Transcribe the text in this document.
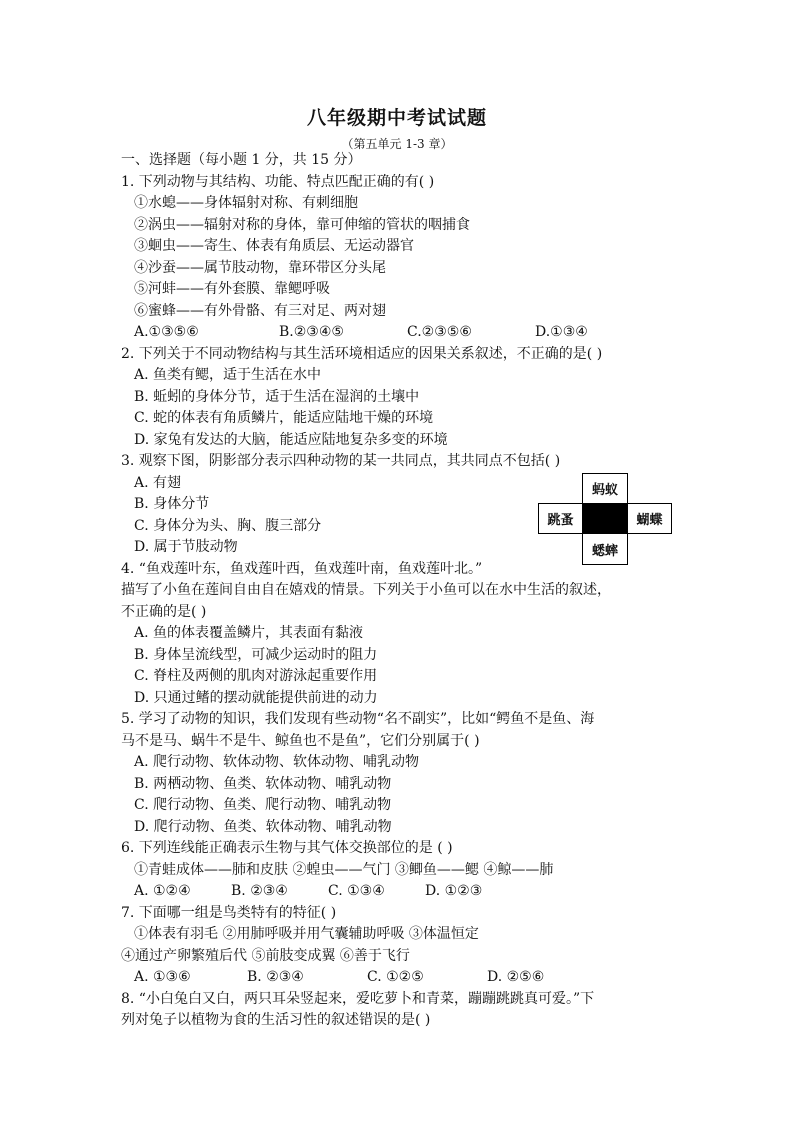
八年级期中考试试题
（第五单元 1-3 章）
一、选择题（每小题 1 分，共 15 分）
1. 下列动物与其结构、功能、特点匹配正确的有( )
①水螅——身体辐射对称、有刺细胞
②涡虫——辐射对称的身体，靠可伸缩的管状的咽捕食
③蛔虫——寄生、体表有角质层、无运动器官
④沙蚕——属节肢动物，靠环带区分头尾
⑤河蚌——有外套膜、靠鳃呼吸
⑥蜜蜂——有外骨骼、有三对足、两对翅
A.①③⑤⑥	B.②③④⑤	C.②③⑤⑥	D.①③④
2. 下列关于不同动物结构与其生活环境相适应的因果关系叙述，不正确的是( )
A. 鱼类有鳃，适于生活在水中
B. 蚯蚓的身体分节，适于生活在湿润的土壤中
C. 蛇的体表有角质鳞片，能适应陆地干燥的环境
D. 家兔有发达的大脑，能适应陆地复杂多变的环境
3. 观察下图，阴影部分表示四种动物的某一共同点，其共同点不包括( )
A. 有翅
B. 身体分节
C. 身体分为头、胸、腹三部分
D. 属于节肢动物
4. “鱼戏莲叶东，鱼戏莲叶西，鱼戏莲叶南，鱼戏莲叶北。”
描写了小鱼在莲间自由自在嬉戏的情景。下列关于小鱼可以在水中生活的叙述，
不正确的是( )
A. 鱼的体表覆盖鳞片，其表面有黏液
B. 身体呈流线型，可减少运动时的阻力
C. 脊柱及两侧的肌肉对游泳起重要作用
D. 只通过鳍的摆动就能提供前进的动力
5. 学习了动物的知识，我们发现有些动物“名不副实”，比如“鳄鱼不是鱼、海
马不是马、蜗牛不是牛、鲸鱼也不是鱼”，它们分别属于( )
A. 爬行动物、软体动物、软体动物、哺乳动物
B. 两栖动物、鱼类、软体动物、哺乳动物
C. 爬行动物、鱼类、爬行动物、哺乳动物
D. 爬行动物、鱼类、软体动物、哺乳动物
6. 下列连线能正确表示生物与其气体交换部位的是 ( )
①青蛙成体——肺和皮肤 ②蝗虫——气门 ③鲫鱼——鳃 ④鲸——肺
A. ①②④	B. ②③④	C. ①③④	D. ①②③
7. 下面哪一组是鸟类特有的特征( )
①体表有羽毛 ②用肺呼吸并用气囊辅助呼吸 ③体温恒定
④通过产卵繁殖后代 ⑤前肢变成翼 ⑥善于飞行
A. ①③⑥	B. ②③④	C. ①②⑤	D. ②⑤⑥
8. “小白兔白又白，两只耳朵竖起来，爱吃萝卜和青菜，蹦蹦跳跳真可爱。”下
列对兔子以植物为食的生活习性的叙述错误的是( )
蚂蚁
跳蚤	蝴蝶
蟋蟀
